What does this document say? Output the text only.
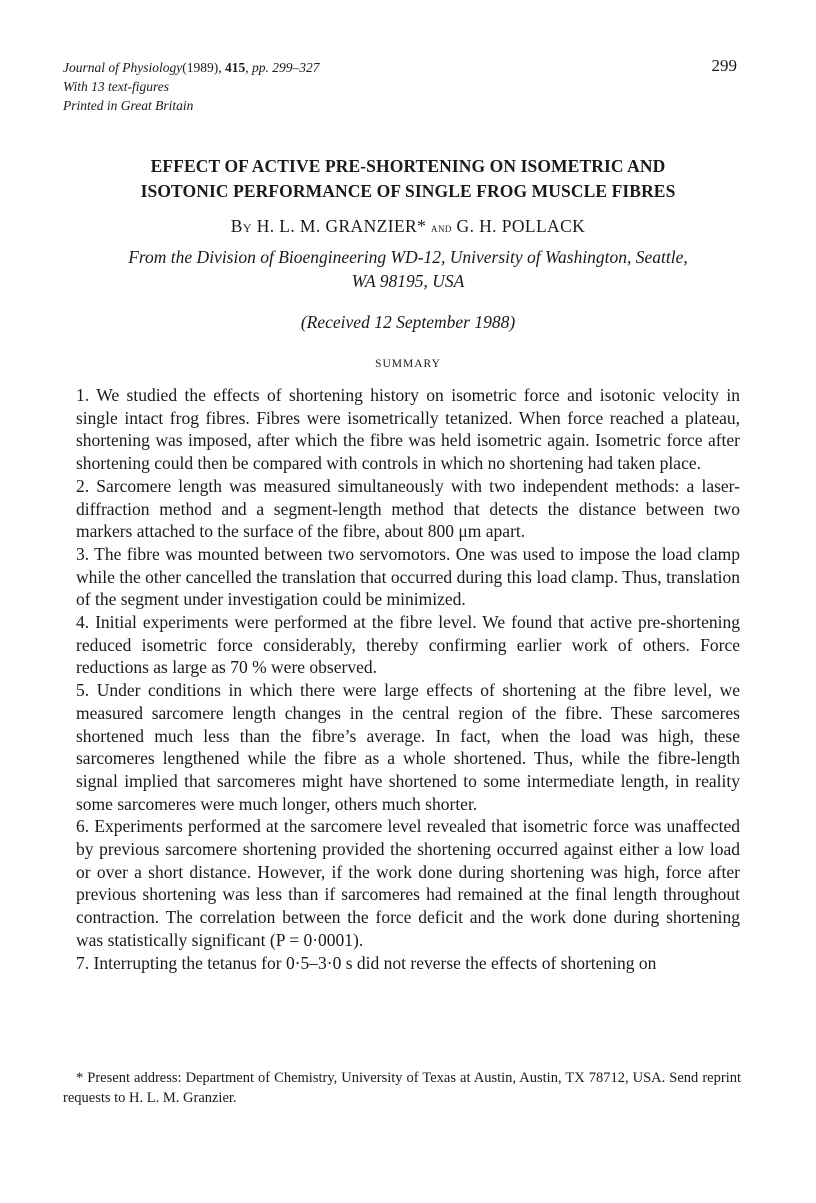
Journal of Physiology(1989), 415, pp. 299–327
With 13 text-figures
Printed in Great Britain
299
EFFECT OF ACTIVE PRE-SHORTENING ON ISOMETRIC AND
ISOTONIC PERFORMANCE OF SINGLE FROG MUSCLE FIBRES
By H. L. M. GRANZIER* and G. H. POLLACK
From the Division of Bioengineering WD-12, University of Washington, Seattle,
WA 98195, USA
(Received 12 September 1988)
SUMMARY

1. We studied the effects of shortening history on isometric force and isotonic velocity in single intact frog fibres. Fibres were isometrically tetanized. When force reached a plateau, shortening was imposed, after which the fibre was held isometric again. Isometric force after shortening could then be compared with controls in which no shortening had taken place.

2. Sarcomere length was measured simultaneously with two independent methods: a laser-diffraction method and a segment-length method that detects the distance between two markers attached to the surface of the fibre, about 800 μm apart.

3. The fibre was mounted between two servomotors. One was used to impose the load clamp while the other cancelled the translation that occurred during this load clamp. Thus, translation of the segment under investigation could be minimized.

4. Initial experiments were performed at the fibre level. We found that active pre-shortening reduced isometric force considerably, thereby confirming earlier work of others. Force reductions as large as 70 % were observed.

5. Under conditions in which there were large effects of shortening at the fibre level, we measured sarcomere length changes in the central region of the fibre. These sarcomeres shortened much less than the fibre’s average. In fact, when the load was high, these sarcomeres lengthened while the fibre as a whole shortened. Thus, while the fibre-length signal implied that sarcomeres might have shortened to some intermediate length, in reality some sarcomeres were much longer, others much shorter.

6. Experiments performed at the sarcomere level revealed that isometric force was unaffected by previous sarcomere shortening provided the shortening occurred against either a low load or over a short distance. However, if the work done during shortening was high, force after previous shortening was less than if sarcomeres had remained at the final length throughout contraction. The correlation between the force deficit and the work done during shortening was statistically significant (P = 0·0001).

7. Interrupting the tetanus for 0·5–3·0 s did not reverse the effects of shortening on

* Present address: Department of Chemistry, University of Texas at Austin, Austin, TX 78712, USA. Send reprint requests to H. L. M. Granzier.
